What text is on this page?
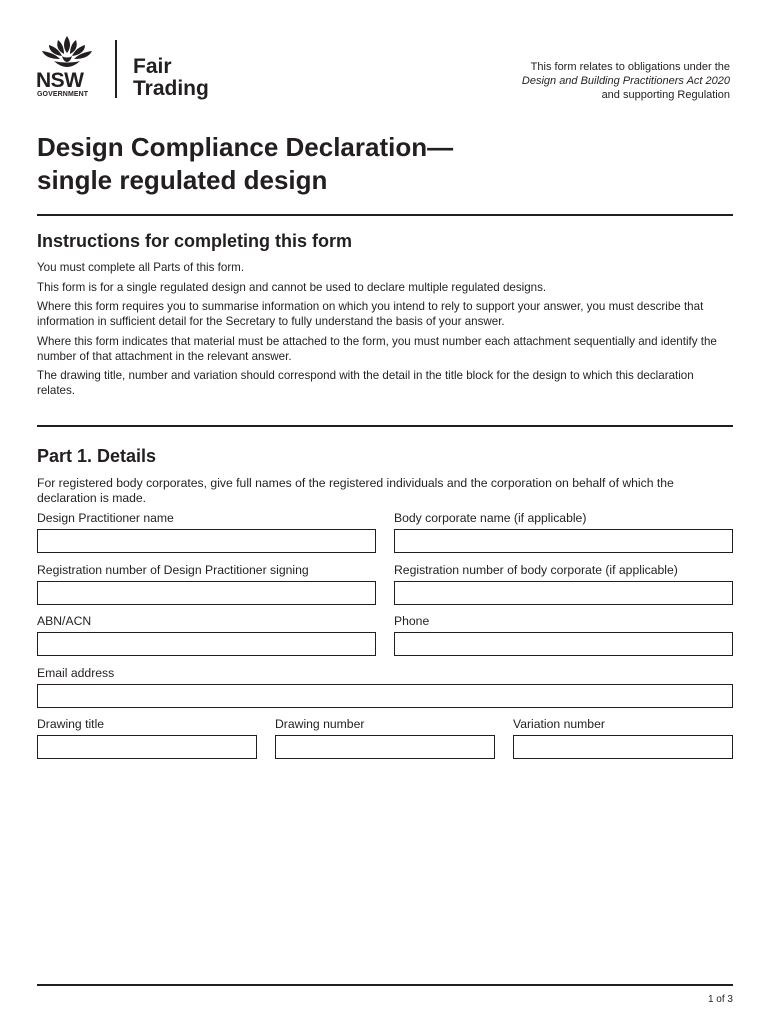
NSW
GOVERNMENT
Fair
Trading
This form relates to obligations under the
Design and Building Practitioners Act 2020
and supporting Regulation
Design Compliance Declaration—
single regulated design
Instructions for completing this form

You must complete all Parts of this form.

This form is for a single regulated design and cannot be used to declare multiple regulated designs.

Where this form requires you to summarise information on which you intend to rely to support your answer, you must describe that information in sufficient detail for the Secretary to fully understand the basis of your answer.

Where this form indicates that material must be attached to the form, you must number each attachment sequentially and identify the number of that attachment in the relevant answer.

The drawing title, number and variation should correspond with the detail in the title block for the design to which this declaration relates.

Part 1. Details

For registered body corporates, give full names of the registered individuals and the corporation on behalf of which the declaration is made.

Design Practitioner name	Body corporate name (if applicable)
Registration number of Design Practitioner signing	Registration number of body corporate (if applicable)
ABN/ACN	Phone
Email address
Drawing title	Drawing number	Variation number
1 of 3
